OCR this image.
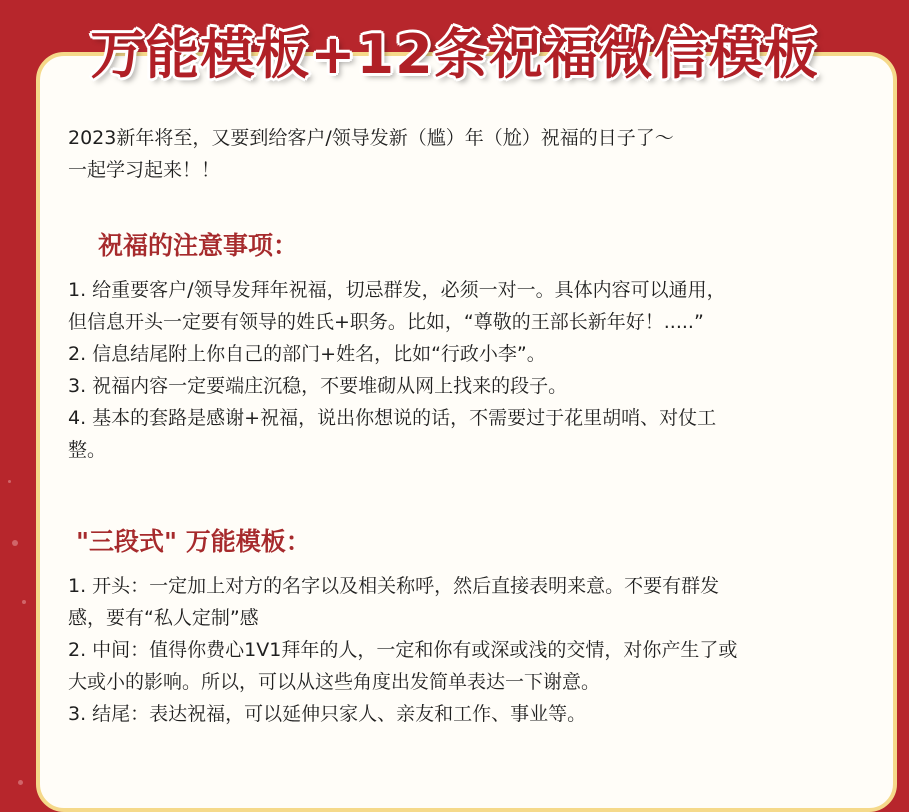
万能模板+12条祝福微信模板
2023新年将至，又要到给客户/领导发新（尴）年（尬）祝福的日子了～
一起学习起来！！
祝福的注意事项：
1. 给重要客户/领导发拜年祝福，切忌群发，必须一对一。具体内容可以通用，
但信息开头一定要有领导的姓氏+职务。比如，“尊敬的王部长新年好！.....”
2. 信息结尾附上你自己的部门+姓名，比如“行政小李”。
3. 祝福内容一定要端庄沉稳，不要堆砌从网上找来的段子。
4. 基本的套路是感谢+祝福，说出你想说的话，不需要过于花里胡哨、对仗工
整。
"三段式" 万能模板：
1. 开头：一定加上对方的名字以及相关称呼，然后直接表明来意。不要有群发
感，要有“私人定制”感
2. 中间：值得你费心1V1拜年的人，一定和你有或深或浅的交情，对你产生了或
大或小的影响。所以，可以从这些角度出发简单表达一下谢意。
3. 结尾：表达祝福，可以延伸只家人、亲友和工作、事业等。
